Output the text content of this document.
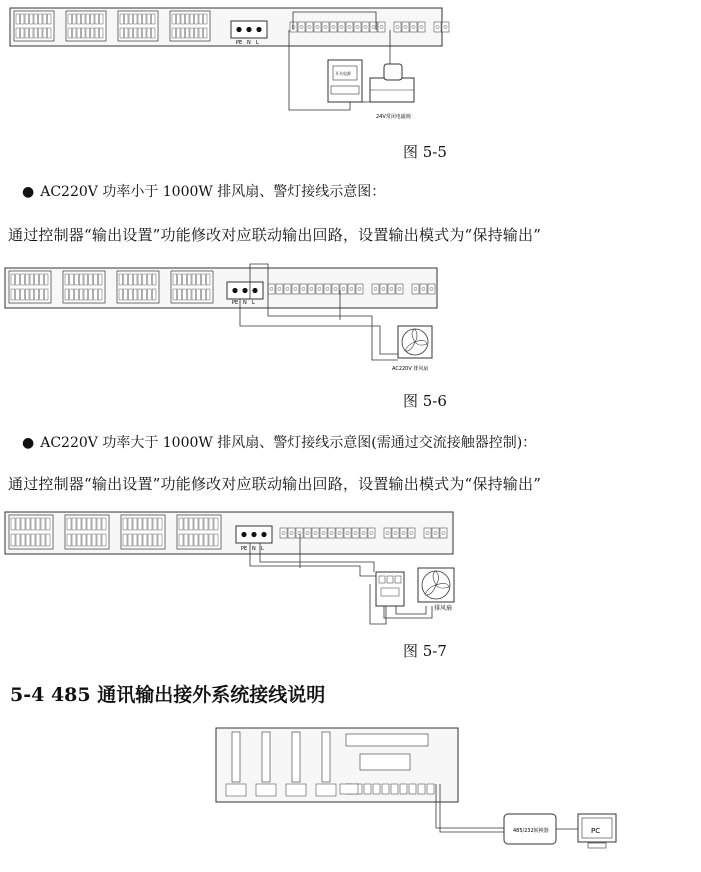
PE N L
开关电源
24V常闭电磁阀
图 5-5
● AC220V 功率小于 1000W 排风扇、警灯接线示意图：
通过控制器“输出设置”功能修改对应联动输出回路，设置输出模式为“保持输出”
PE N L
AC220V 排风扇
图 5-6
● AC220V 功率大于 1000W 排风扇、警灯接线示意图(需通过交流接触器控制)：
通过控制器“输出设置”功能修改对应联动输出回路，设置输出模式为“保持输出”
PE N L
排风扇
图 5-7
5-4 485 通讯输出接外系统接线说明
485/232转换器	PC
